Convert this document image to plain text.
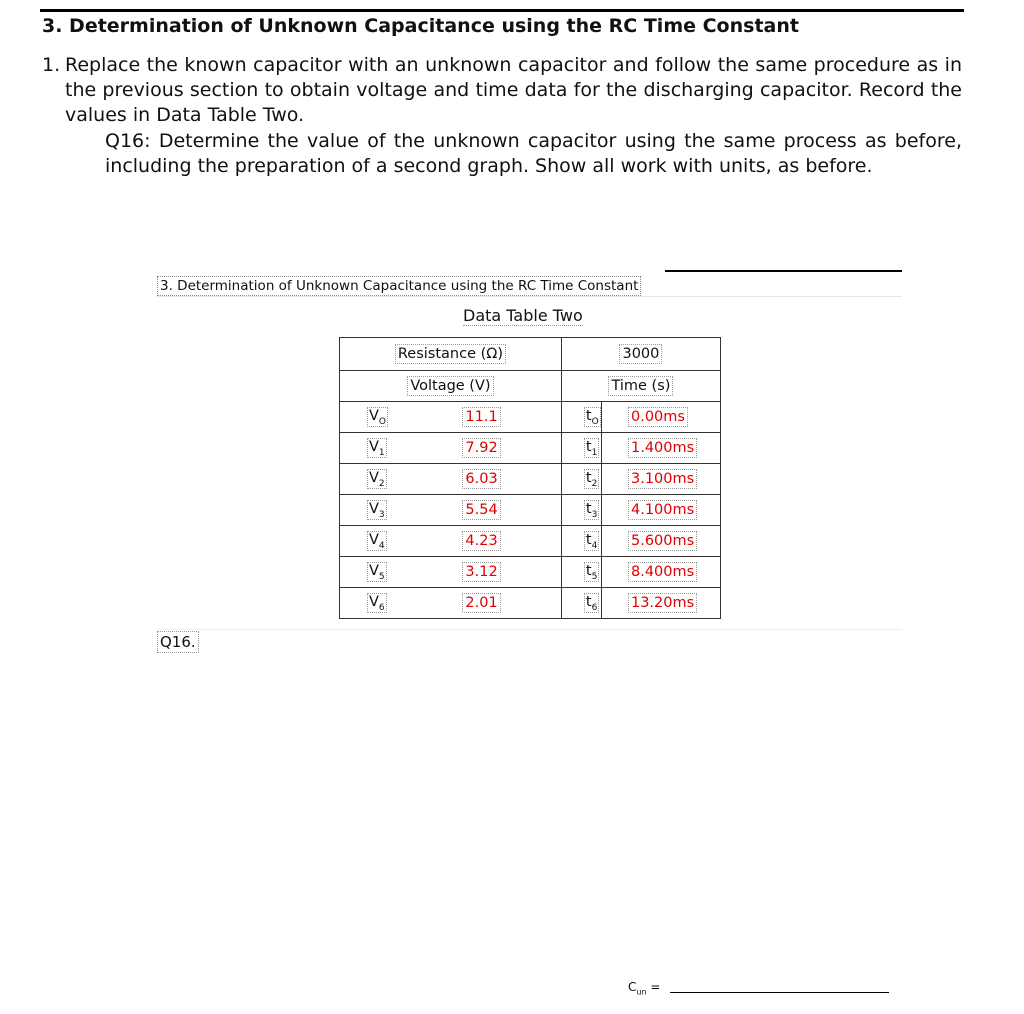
3. Determination of Unknown Capacitance using the RC Time Constant
1. Replace the known capacitor with an unknown capacitor and follow the same procedure as in the previous section to obtain voltage and time data for the discharging capacitor. Record the values in Data Table Two.
Q16: Determine the value of the unknown capacitor using the same process as before, including the preparation of a second graph. Show all work with units, as before.
3. Determination of Unknown Capacitance using the RC Time Constant
Data Table Two
Resistance (Ω)		3000	
Voltage (V)		Time (s)	
$V_O$	11.1	$t_O$	0.00ms
$V_1$	7.92	$t_1$	1.400ms
$V_2$	6.03	$t_2$	3.100ms
$V_3$	5.54	$t_3$	4.100ms
$V_4$	4.23	$t_4$	5.600ms
$V_5$	3.12	$t_5$	8.400ms
$V_6$	2.01	$t_6$	13.20ms
Q16.
$C_{un}$ =
